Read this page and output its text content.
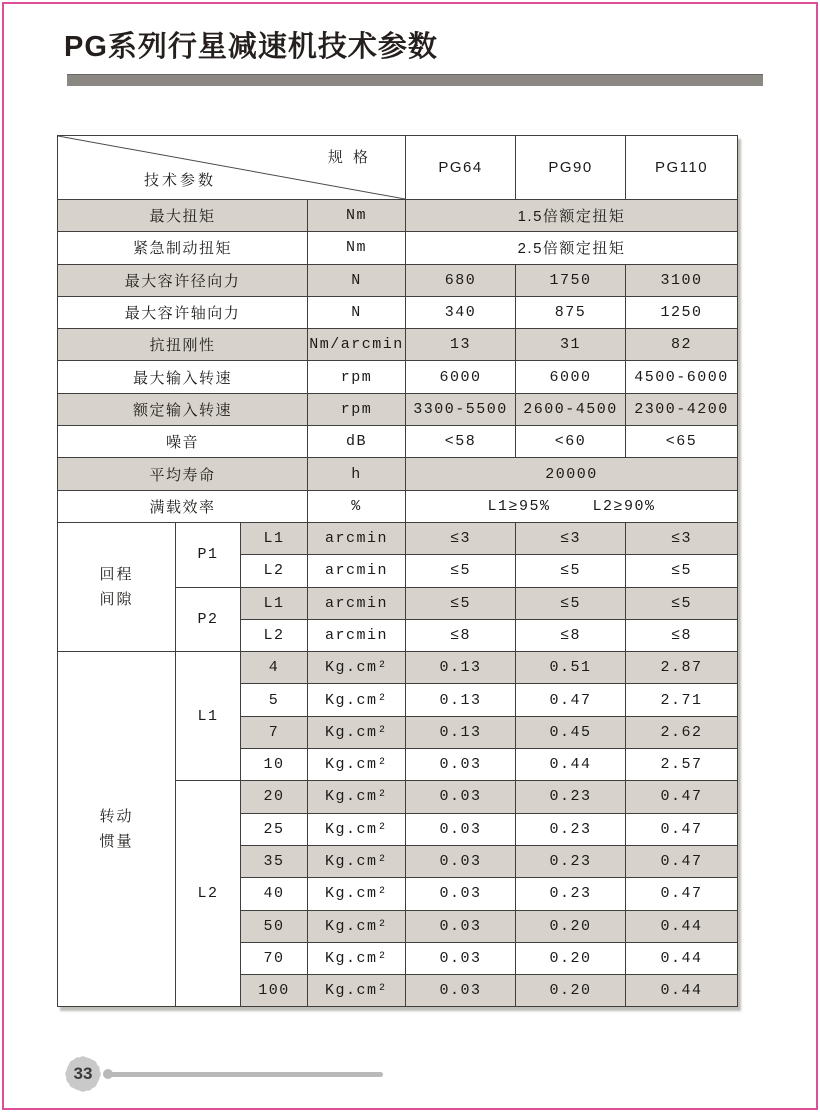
PG系列行星减速机技术参数
规 格
技术参数				PG64	PG90	PG110
最大扭矩			Nm	1.5倍额定扭矩		
紧急制动扭矩			Nm	2.5倍额定扭矩		
最大容许径向力			N	680	1750	3100
最大容许轴向力			N	340	875	1250
抗扭刚性			Nm/arcmin	13	31	82
最大输入转速			rpm	6000	6000	4500-6000
额定输入转速			rpm	3300-5500	2600-4500	2300-4200
噪音			dB	<58	<60	<65
平均寿命			h	20000		
满载效率			%	L1≥95%    L2≥90%		
回程间隙	P1	L1	arcmin	≤3	≤3	≤3
		L2	arcmin	≤5	≤5	≤5
	P2	L1	arcmin	≤5	≤5	≤5
		L2	arcmin	≤8	≤8	≤8
转动惯量	L1	4	Kg.cm²	0.13	0.51	2.87
		5	Kg.cm²	0.13	0.47	2.71
		7	Kg.cm²	0.13	0.45	2.62
		10	Kg.cm²	0.03	0.44	2.57
	L2	20	Kg.cm²	0.03	0.23	0.47
		25	Kg.cm²	0.03	0.23	0.47
		35	Kg.cm²	0.03	0.23	0.47
		40	Kg.cm²	0.03	0.23	0.47
		50	Kg.cm²	0.03	0.20	0.44
		70	Kg.cm²	0.03	0.20	0.44
		100	Kg.cm²	0.03	0.20	0.44
33
